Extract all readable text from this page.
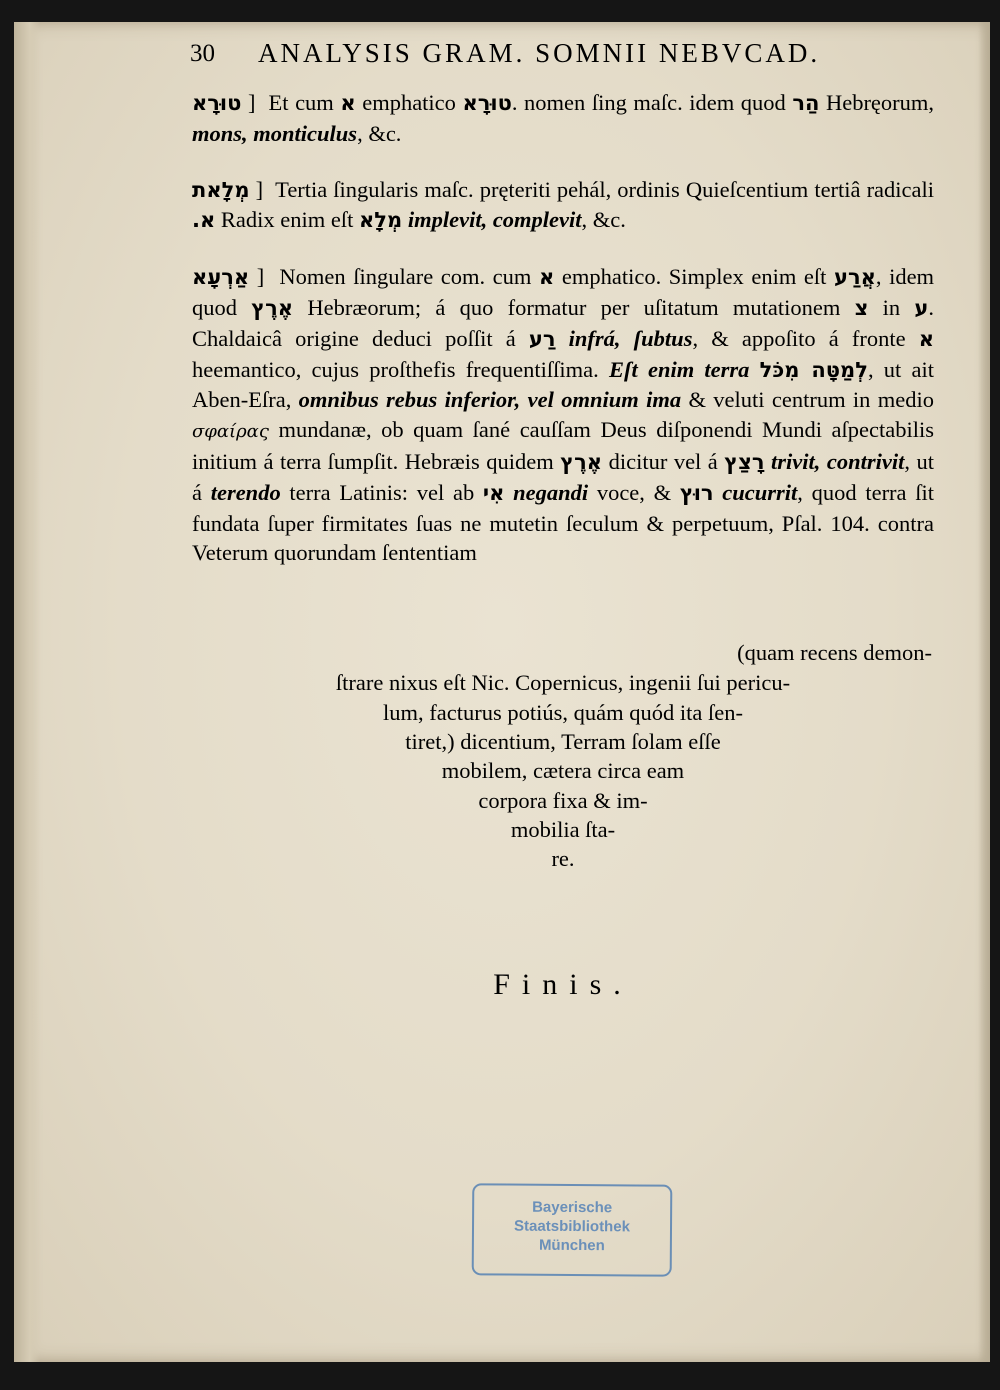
30 ANALYSIS GRAM. SOMNII NEBVCAD.

טוּרָא ] Et cum א emphatico טוּרָא. nomen ſing maſc. idem quod הַר Hebręorum, mons, monticulus, &c.

מְלָאת ] Tertia ſingularis maſc. pręteriti pehál, ordinis Quieſcentium tertiâ radicali א. Radix enim eſt מְלָא implevit, complevit, &c.

אַרְעָא ] Nomen ſingulare com. cum א emphatico. Simplex enim eſt אֲרַע, idem quod אֶרֶץ Hebræorum; á quo formatur per uſitatum mutationem צ in ע. Chaldaicâ origine deduci poſſit á רַע infrá, ſubtus, & appoſito á fronte א heemantico, cujus proſthefis frequentiſſima. Eſt enim terra לְמַטָּה מִכֹּל, ut ait Aben-Eſra, omnibus rebus inferior, vel omnium ima & veluti centrum in medio σφαίρας mundanæ, ob quam ſané cauſſam Deus diſponendi Mundi aſpectabilis initium á terra ſumpſit. Hebræis quidem אֶרֶץ dicitur vel á רָצַץ trivit, contrivit, ut á terendo terra Latinis: vel ab אִי negandi voce, & רוּץ cucurrit, quod terra ſit fundata ſuper firmitates ſuas ne mutetin ſeculum & perpetuum, Pſal. 104. contra Veterum quorundam ſententiam

(quam recens demon-
ſtrare nixus eſt Nic. Copernicus, ingenii ſui pericu-
lum, facturus potiús, quám quód ita ſen-
tiret,) dicentium, Terram ſolam eſſe
mobilem, cætera circa eam
corpora fixa & im-
mobilia ſta-
re.
Finis.
Bayerische
Staatsbibliothek
München
